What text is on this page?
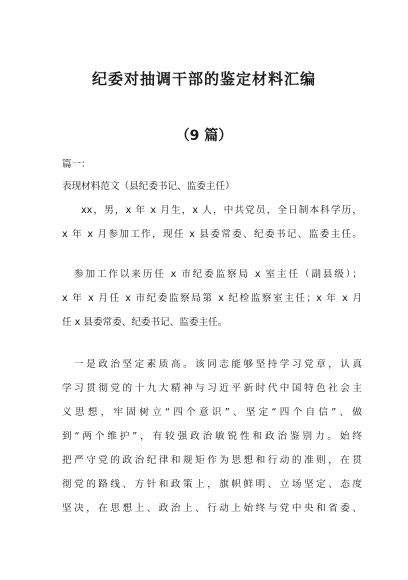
纪委对抽调干部的鉴定材料汇编
（9 篇）
篇一：
表现材料范文（县纪委书记、监委主任）
xx，男，x 年 x 月生，x 人，中共党员，全日制本科学历，
x 年 x 月参加工作，现任 x 县委常委、纪委书记、监委主任。
参加工作以来历任 x 市纪委监察局 x 室主任（副县级）；
x 年 x 月任 x 市纪委监察局第 x 纪检监察室主任；x 年 x 月
任 x 县委常委、纪委书记、监委主任。
一是政治坚定素质高。该同志能够坚持学习党章，认真
学习贯彻党的十九大精神与习近平新时代中国特色社会主
义思想，牢固树立“四个意识”、坚定“四个自信”、做
到“两个维护”，有较强政治敏锐性和政治鉴别力。始终
把严守党的政治纪律和规矩作为思想和行动的准则，在贯
彻党的路线、方针和政策上，旗帜鲜明、立场坚定、态度
坚决，在思想上、政治上、行动上始终与党中央和省委、
